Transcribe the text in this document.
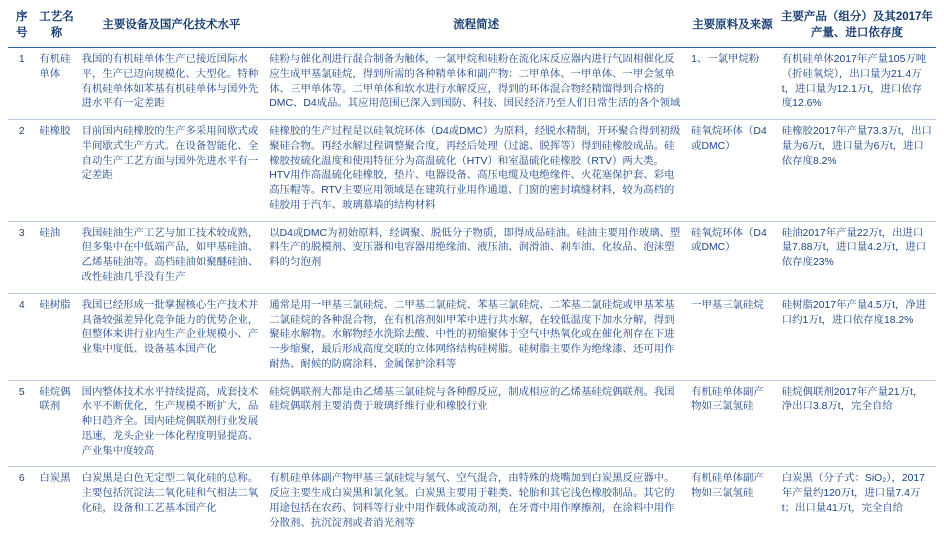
序号	工艺名称	主要设备及国产化技术水平	流程简述	主要原料及来源	主要产品（组分）及其2017年产量、进口依存度
1	有机硅单体	我国的有机硅单体生产已接近国际水平，生产已迈向规模化、大型化。特种有机硅单体如苯基有机硅单体与国外先进水平有一定差距	硅粉与催化剂进行混合制备为触体，一氯甲烷和硅粉在流化床反应器内进行气固相催化反应生成甲基氯硅烷，得到所需的各种精单体和副产物：二甲单体、一甲单体、一甲会氢单体、三甲单体等。二甲单体和软水进行水解反应，得到的环体混合物经精馏得到合格的DMC、D4成品。其应用范围已深入到国防、科技、国民经济乃至人们日常生活的各个领域	1、一氯甲烷粉	有机硅单体2017年产量105万吨（折硅氧烷），出口量为21.4万t，进口量为12.1万t，进口依存度12.6%
2	硅橡胶	目前国内硅橡胶的生产多采用间歇式或半间歇式生产方式。在设备智能化、全自动生产工艺方面与国外先进水平有一定差距	硅橡胶的生产过程是以硅氧烷环体（D4或DMC）为原料，经脱水精制，开环聚合得到初级聚硅合物。再经水解过程调整聚合度，再经后处理（过滤、脱挥等）得到硅橡胶成品。硅橡胶按硫化温度和使用特征分为高温硫化（HTV）和室温硫化硅橡胶（RTV）两大类。HTV用作高温硫化硅橡胶，垫片、电器设备、高压电缆及电绝缘件、火花塞保护套、彩电高压帽等。RTV主要应用领域是在建筑行业用作通道、门窗的密封填缝材料，较为高档的硅胶用于汽车、玻璃幕墙的结构材料	硅氧烷环体（D4或DMC）	硅橡胶2017年产量73.3万t，出口量为6万t，进口量为6万t，进口依存度8.2%
3	硅油	我国硅油生产工艺与加工技术较成熟，但多集中在中低端产品，如甲基硅油、乙烯基硅油等。高档硅油如聚醚硅油、改性硅油几乎没有生产	以D4或DMC为初始原料，经调聚、脱低分子物质，即得成品硅油。硅油主要用作玻璃、塑料生产的脱模剂、变压器和电容器用绝缘油、液压油、润滑油、刹车油、化妆品、泡沫塑料的匀泡剂	硅氧烷环体（D4或DMC）	硅油2017年产量22万t，出进口量7.88万t，进口量4.2万t，进口依存度23%
4	硅树脂	我国已经形成一批掌握核心生产技术并具备较强差异化竞争能力的优势企业，但整体来讲行业内生产企业规模小、产业集中度低、设备基本国产化	通常是用一甲基三氯硅烷、二甲基二氯硅烷、苯基三氯硅烷、二苯基二氯硅烷或甲基苯基二氯硅烷的各种混合物，在有机溶剂如甲苯中进行共水解，在较低温度下加水分解，得到聚硅水解物。水解物经水洗除去酸、中性的初缩聚体于空气中热氧化或在催化剂存在下进一步缩聚，最后形成高度交联的立体网络结构硅树脂。硅树脂主要作为绝缘漆、还可用作耐热、耐候的防腐涂料、金属保护涂料等	一甲基三氯硅烷	硅树脂2017年产量4.5万t，净进口约1万t，进口依存度18.2%
5	硅烷偶联剂	国内整体技术水平持续提高，成套技术水平不断优化，生产规模不断扩大，品种日趋齐全。国内硅烷偶联剂行业发展迅速，龙头企业一体化程度明显提高、产业集中度较高	硅烷偶联剂大都是由乙烯基三氯硅烷与各种醇反应，制成相应的乙烯基硅烷偶联剂。我国硅烷偶联剂主要消费于玻璃纤维行业和橡胶行业	有机硅单体副产物如三氯氢硅	硅烷偶联剂2017年产量21万t，净出口3.8万t，完全自给
6	白炭黑	白炭黑是白色无定型二氧化硅的总称。主要包括沉淀法二氧化硅和气相法二氧化硅，设备和工艺基本国产化	有机硅单体副产物甲基三氯硅烷与氢气、空气混合，由特殊的烧嘴加到白炭黑反应器中。反应主要生成白炭黑和氯化氢。白炭黑主要用于鞋类、轮胎和其它浅色橡胶制品。其它的用途包括在农药、饲料等行业中用作载体或流动剂，在牙膏中用作摩擦剂，在涂料中用作分散剂、抗沉淀剂或者消光剂等	有机硅单体副产物如三氯氢硅	白炭黑（分子式：SiO₂），2017年产量约120万t，进口量7.4万t；出口量41万t，完全自给
